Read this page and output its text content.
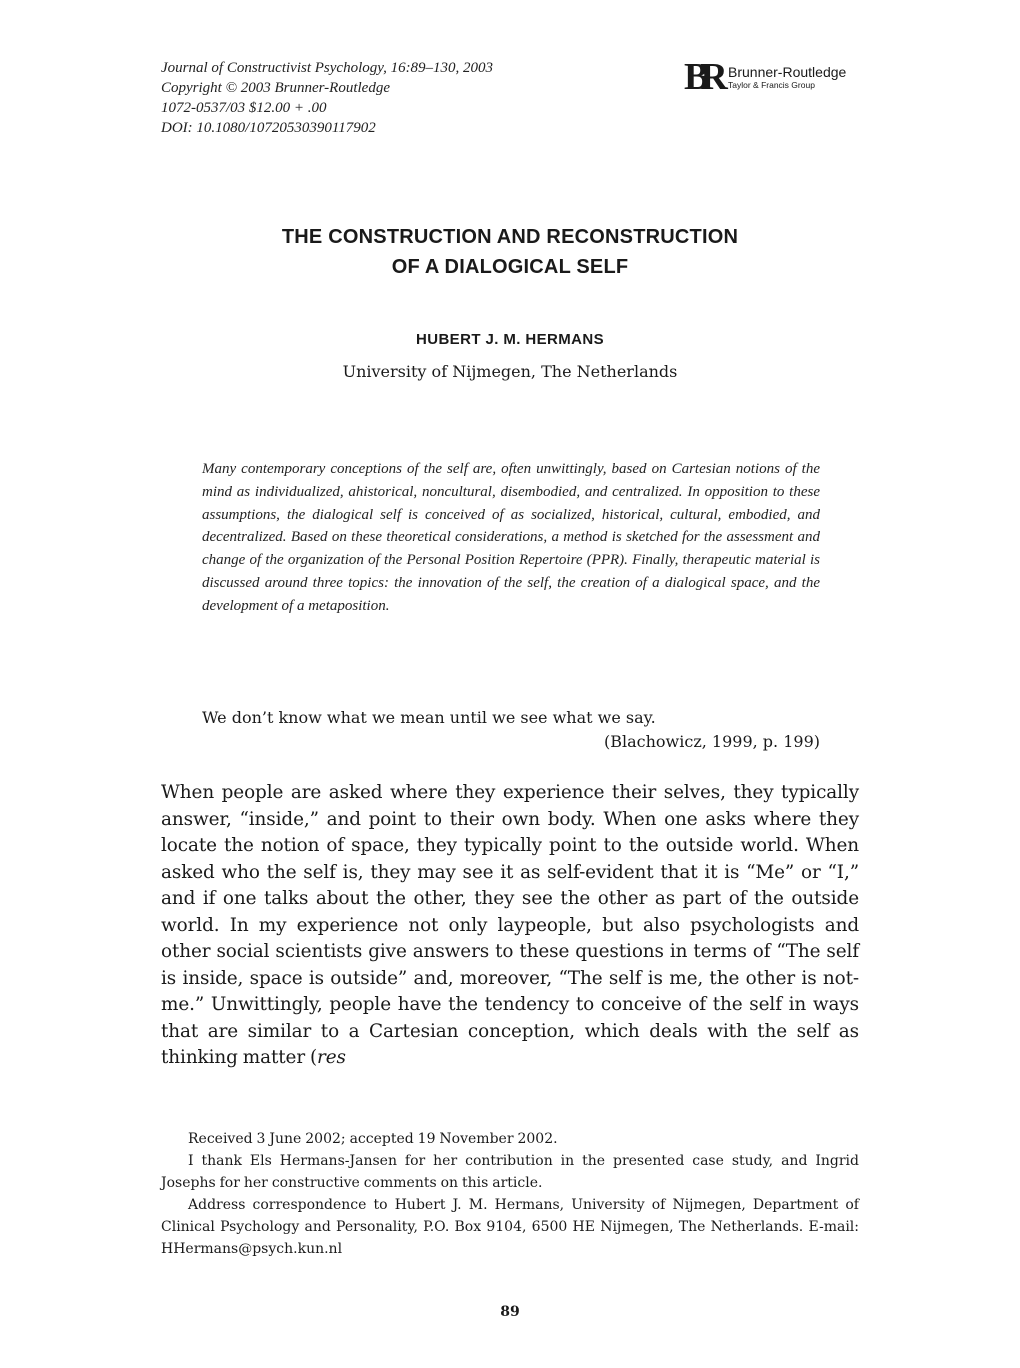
Journal of Constructivist Psychology, 16:89–130, 2003
Copyright © 2003 Brunner-Routledge
1072-0537/03 $12.00 + .00
DOI: 10.1080/10720530390117902
BR Brunner-Routledge
Taylor & Francis Group
THE CONSTRUCTION AND RECONSTRUCTION
OF A DIALOGICAL SELF
HUBERT J. M. HERMANS
University of Nijmegen, The Netherlands
Many contemporary conceptions of the self are, often unwittingly, based on Cartesian notions of the mind as individualized, ahistorical, noncultural, disembodied, and centralized. In opposition to these assumptions, the dialogical self is conceived of as socialized, historical, cultural, embodied, and decentralized. Based on these theoretical considerations, a method is sketched for the assessment and change of the organization of the Personal Position Repertoire (PPR). Finally, therapeutic material is discussed around three topics: the innovation of the self, the creation of a dialogical space, and the development of a metaposition.
We don’t know what we mean until we see what we say.
(Blachowicz, 1999, p. 199)
When people are asked where they experience their selves, they typically answer, “inside,” and point to their own body. When one asks where they locate the notion of space, they typically point to the outside world. When asked who the self is, they may see it as self-evident that it is “Me” or “I,” and if one talks about the other, they see the other as part of the outside world. In my experience not only laypeople, but also psychologists and other social scientists give answers to these questions in terms of “The self is inside, space is outside” and, moreover, “The self is me, the other is not-me.” Unwittingly, people have the tendency to conceive of the self in ways that are similar to a Cartesian conception, which deals with the self as thinking matter (res

Received 3 June 2002; accepted 19 November 2002.

I thank Els Hermans-Jansen for her contribution in the presented case study, and Ingrid Josephs for her constructive comments on this article.

Address correspondence to Hubert J. M. Hermans, University of Nijmegen, Department of Clinical Psychology and Personality, P.O. Box 9104, 6500 HE Nijmegen, The Netherlands. E-mail: HHermans@psych.kun.nl

89
